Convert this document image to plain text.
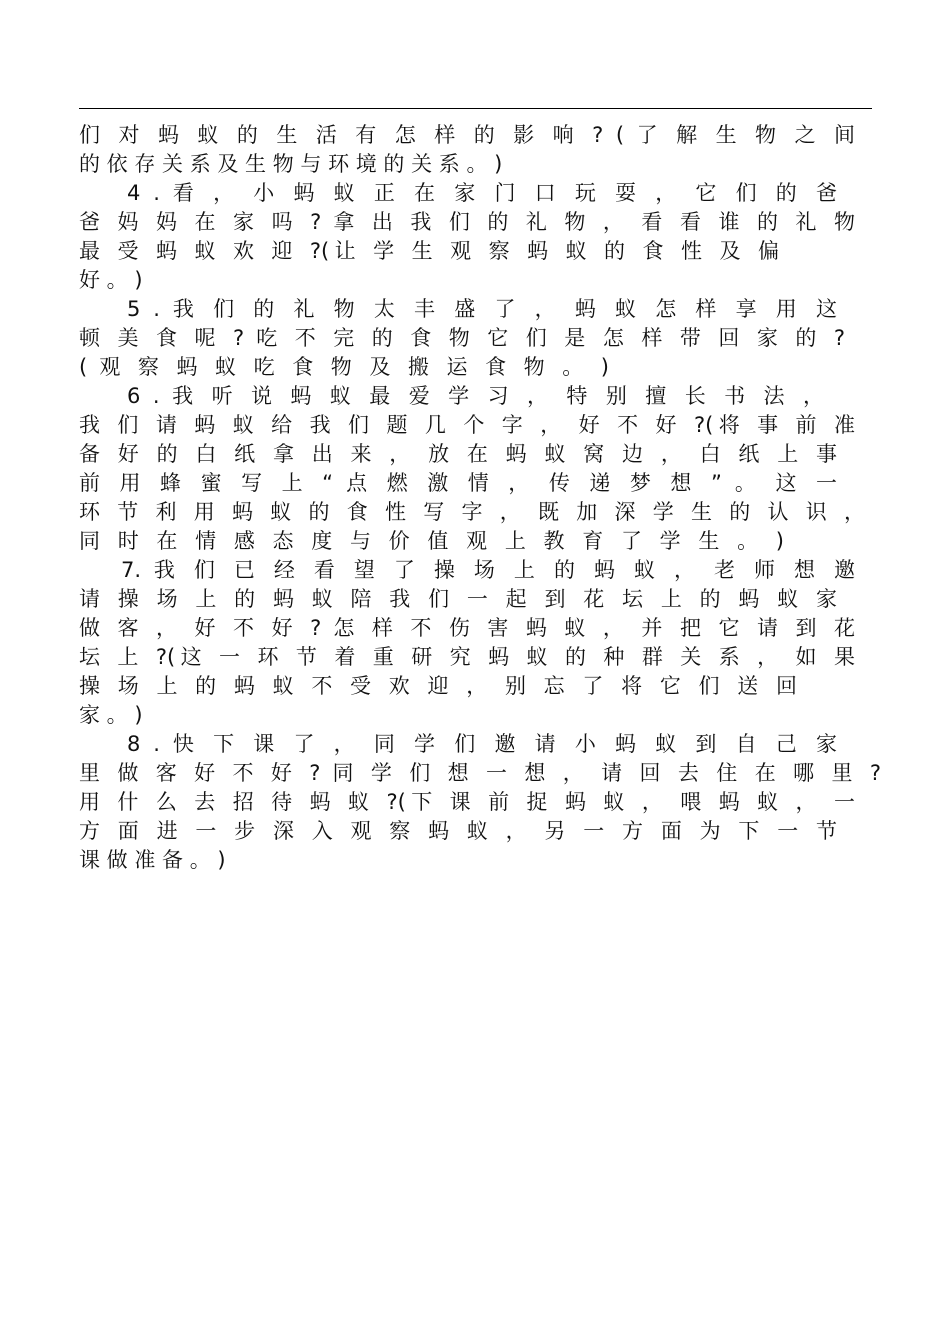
们 对 蚂 蚁 的 生 活 有 怎 样 的 影 响 ? ( 了 解 生 物 之 间
的 依 存 关 系 及 生 物 与 环 境 的 关 系 。 )
4 . 看 ， 小 蚂 蚁 正 在 家 门 口 玩 耍 ， 它 们 的 爸
爸 妈 妈 在 家 吗 ? 拿 出 我 们 的 礼 物 ， 看 看 谁 的 礼 物
最 受 蚂 蚁 欢 迎 ?(让 学 生 观 察 蚂 蚁 的 食 性 及 偏
好 。 )
5 . 我 们 的 礼 物 太 丰 盛 了 ， 蚂 蚁 怎 样 享 用 这
顿 美 食 呢 ? 吃 不 完 的 食 物 它 们 是 怎 样 带 回 家 的 ?
( 观 察 蚂 蚁 吃 食 物 及 搬 运 食 物 。 )
6 . 我 听 说 蚂 蚁 最 爱 学 习 ， 特 别 擅 长 书 法 ，
我 们 请 蚂 蚁 给 我 们 题 几 个 字 ， 好 不 好 ?(将 事 前 准
备 好 的 白 纸 拿 出 来 ， 放 在 蚂 蚁 窝 边 ， 白 纸 上 事
前 用 蜂 蜜 写 上 “ 点 燃 激 情 ， 传 递 梦 想 ” 。 这 一
环 节 利 用 蚂 蚁 的 食 性 写 字 ， 既 加 深 学 生 的 认 识 ，
同 时 在 情 感 态 度 与 价 值 观 上 教 育 了 学 生 。 )
7. 我 们 已 经 看 望 了 操 场 上 的 蚂 蚁 ， 老 师 想 邀
请 操 场 上 的 蚂 蚁 陪 我 们 一 起 到 花 坛 上 的 蚂 蚁 家
做 客 ， 好 不 好 ? 怎 样 不 伤 害 蚂 蚁 ， 并 把 它 请 到 花
坛 上 ?(这 一 环 节 着 重 研 究 蚂 蚁 的 种 群 关 系 ， 如 果
操 场 上 的 蚂 蚁 不 受 欢 迎 ， 别 忘 了 将 它 们 送 回
家 。 )
8 . 快 下 课 了 ， 同 学 们 邀 请 小 蚂 蚁 到 自 己 家
里 做 客 好 不 好 ? 同 学 们 想 一 想 ， 请 回 去 住 在 哪 里 ?
用 什 么 去 招 待 蚂 蚁 ?(下 课 前 捉 蚂 蚁 ， 喂 蚂 蚁 ， 一
方 面 进 一 步 深 入 观 察 蚂 蚁 ， 另 一 方 面 为 下 一 节
课 做 准 备 。 )
